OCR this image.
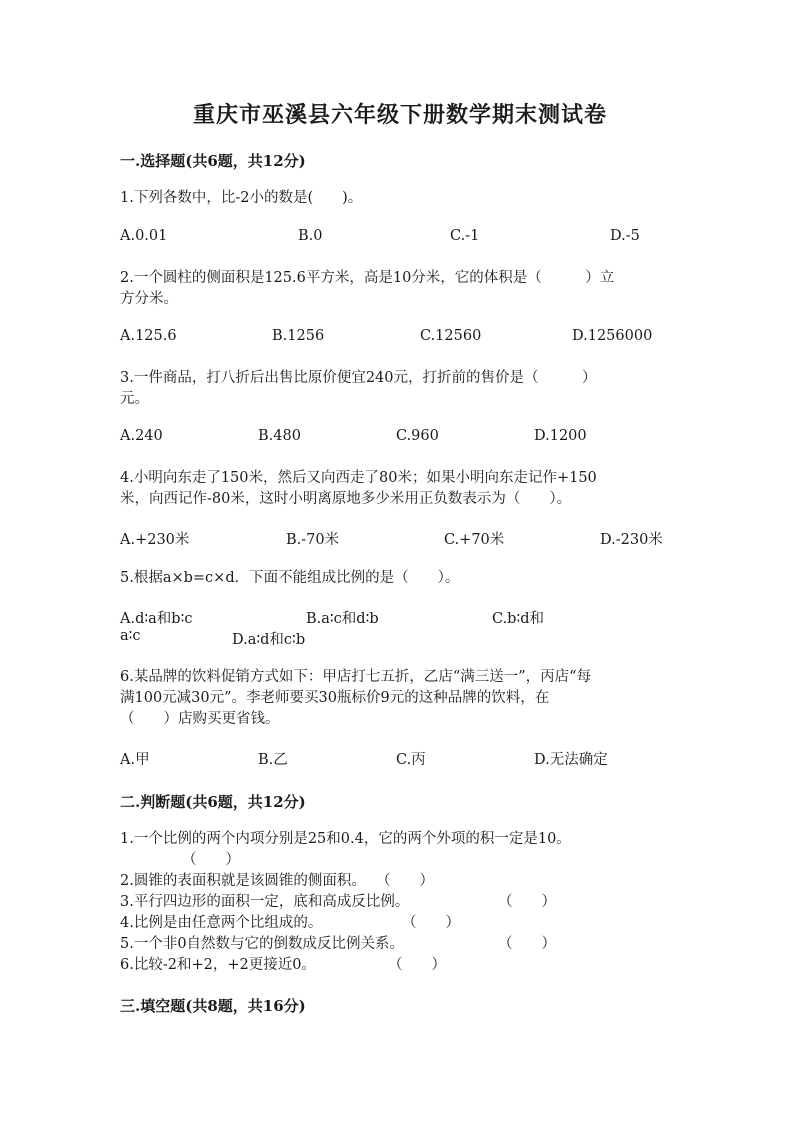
重庆市巫溪县六年级下册数学期末测试卷
一.选择题(共6题，共12分)
1.下列各数中，比-2小的数是(　　)。
A.0.01	B.0	C.-1	D.-5
2.一个圆柱的侧面积是125.6平方米，高是10分米，它的体积是（　　　）立
方分米。
A.125.6	B.1256	C.12560	D.1256000
3.一件商品，打八折后出售比原价便宜240元，打折前的售价是（　　　）
元。
A.240	B.480	C.960	D.1200
4.小明向东走了150米，然后又向西走了80米；如果小明向东走记作+150
米，向西记作-80米，这时小明离原地多少米用正负数表示为（　　）。
A.+230米	B.-70米	C.+70米	D.-230米
5.根据a×b=c×d．下面不能组成比例的是（　　）。
A.d∶a和b∶c	B.a∶c和d∶b	C.b∶d和
a∶c	D.a∶d和c∶b
6.某品牌的饮料促销方式如下：甲店打七五折，乙店“满三送一”，丙店“每
满100元减30元”。李老师要买30瓶标价9元的这种品牌的饮料，在
（　　）店购买更省钱。
A.甲	B.乙	C.丙	D.无法确定
二.判断题(共6题，共12分)
1.一个比例的两个内项分别是25和0.4，它的两个外项的积一定是10。
（　　）
2.圆锥的表面积就是该圆锥的侧面积。 （　　）
3.平行四边形的面积一定，底和高成反比例。	（　　）
4.比例是由任意两个比组成的。	（　　）
5.一个非0自然数与它的倒数成反比例关系。	（　　）
6.比较-2和+2，+2更接近0。	（　　）
三.填空题(共8题，共16分)
